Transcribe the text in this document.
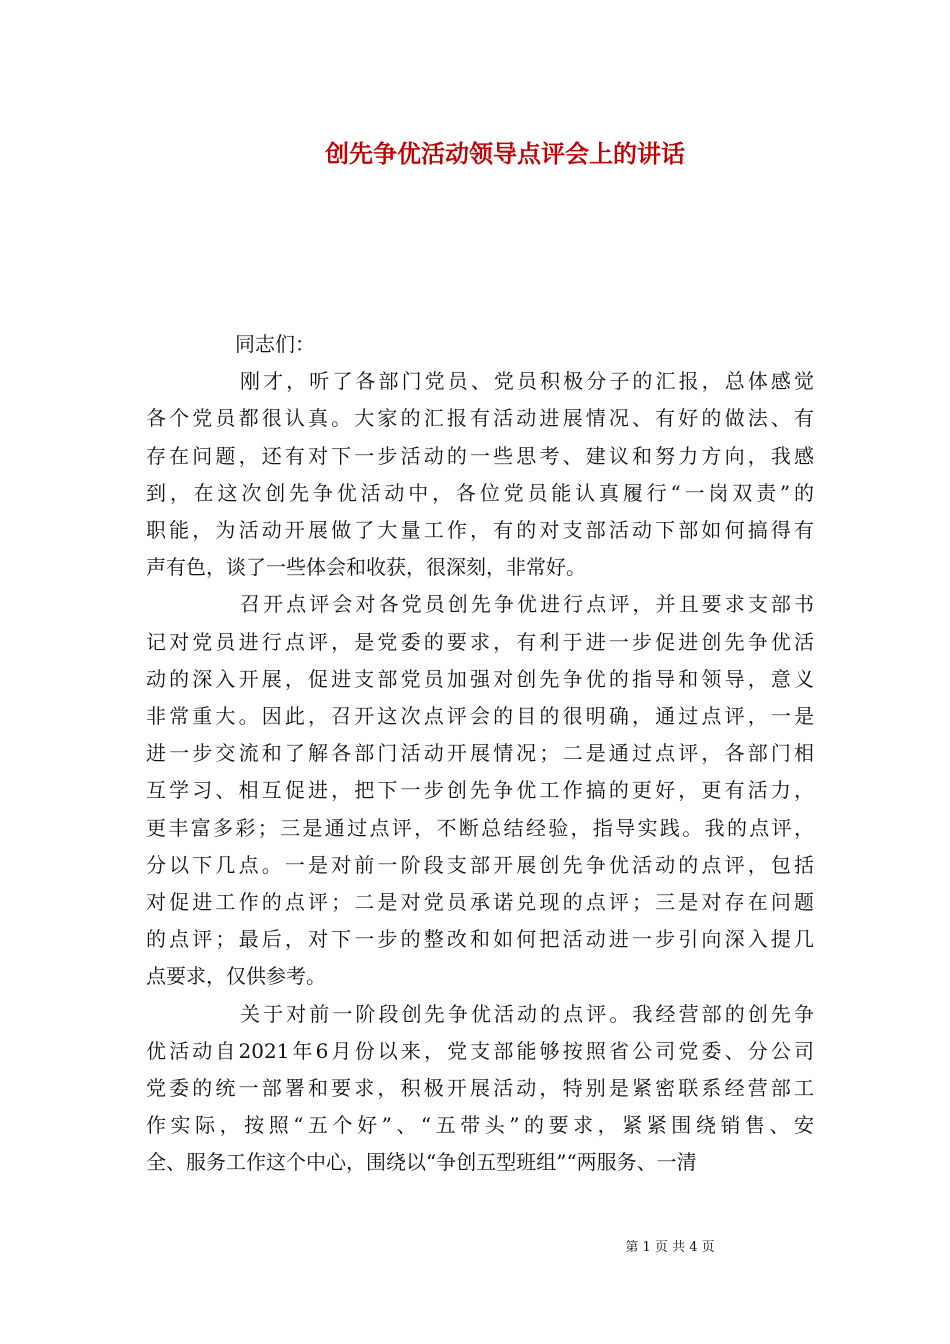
创先争优活动领导点评会上的讲话
同志们：
刚才，听了各部门党员、党员积极分子的汇报，总体感觉
各个党员都很认真。大家的汇报有活动进展情况、有好的做法、有
存在问题，还有对下一步活动的一些思考、建议和努力方向，我感
到，在这次创先争优活动中，各位党员能认真履行“一岗双责”的
职能，为活动开展做了大量工作，有的对支部活动下部如何搞得有
声有色，谈了一些体会和收获，很深刻，非常好。
召开点评会对各党员创先争优进行点评，并且要求支部书
记对党员进行点评，是党委的要求，有利于进一步促进创先争优活
动的深入开展，促进支部党员加强对创先争优的指导和领导，意义
非常重大。因此，召开这次点评会的目的很明确，通过点评，一是
进一步交流和了解各部门活动开展情况；二是通过点评，各部门相
互学习、相互促进，把下一步创先争优工作搞的更好，更有活力，
更丰富多彩；三是通过点评，不断总结经验，指导实践。我的点评，
分以下几点。一是对前一阶段支部开展创先争优活动的点评，包括
对促进工作的点评；二是对党员承诺兑现的点评；三是对存在问题
的点评；最后，对下一步的整改和如何把活动进一步引向深入提几
点要求，仅供参考。
关于对前一阶段创先争优活动的点评。我经营部的创先争
优活动自2021年6月份以来，党支部能够按照省公司党委、分公司
党委的统一部署和要求，积极开展活动，特别是紧密联系经营部工
作实际，按照“五个好”、“五带头”的要求，紧紧围绕销售、安
全、服务工作这个中心，围绕以“争创五型班组”“两服务、一清
第 1 页 共 4 页
